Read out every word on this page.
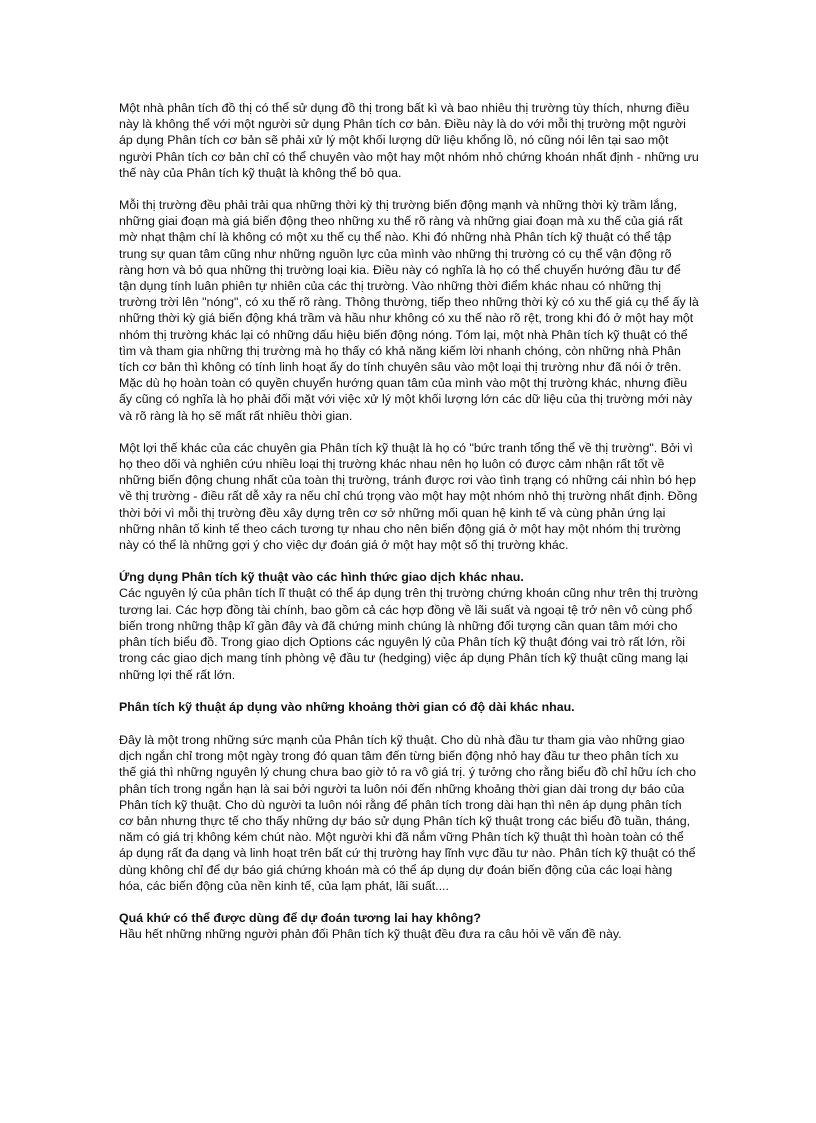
Một nhà phân tích đồ thị có thể sử dụng đồ thị trong bất kì và bao nhiêu thị trường tùy thích, nhưng điều này là không thể với một người sử dụng Phân tích cơ bản. Điều này là do với mỗi thị trường một người áp dụng Phân tích cơ bản sẽ phải xử lý một khối lượng dữ liệu khổng lồ, nó cũng nói lên tại sao một người Phân tích cơ bản chỉ có thể chuyên vào một hay một nhóm nhỏ chứng khoán nhất định - những ưu thế này của Phân tích kỹ thuật là không thể bỏ qua.

Mỗi thị trường đều phải trải qua những thời kỳ thị trường biến động mạnh và những thời kỳ trầm lắng, những giai đoạn mà giá biến động theo những xu thế rõ ràng và những giai đoạn mà xu thế của giá rất mờ nhạt thậm chí là không có một xu thế cụ thể nào. Khi đó những nhà Phân tích kỹ thuật có thể tập trung sự quan tâm cũng như những nguồn lực của mình vào những thị trường có cụ thể vận động rõ ràng hơn và bỏ qua những thị trường loại kia. Điều này có nghĩa là họ có thể chuyển hướng đầu tư để tận dụng tính luân phiên tự nhiên của các thị trường. Vào những thời điểm khác nhau có những thị trường trời lên "nóng", có xu thế rõ ràng. Thông thường, tiếp theo những thời kỳ có xu thế giá cụ thể ấy là những thời kỳ giá biến động khá trầm và hầu như không có xu thế nào rõ rệt, trong khi đó ở một hay một nhóm thị trường khác lại có những dấu hiệu biến động nóng. Tóm lại, một nhà Phân tích kỹ thuật có thể tìm và tham gia những thị trường mà họ thấy có khả năng kiếm lời nhanh chóng, còn những nhà Phân tích cơ bản thì không có tính linh hoạt ấy do tính chuyên sâu vào một loại thị trường như đã nói ở trên. Mặc dù họ hoàn toàn có quyền chuyển hướng quan tâm của mình vào một thị trường khác, nhưng điều ấy cũng có nghĩa là họ phải đối mặt với việc xử lý một khối lượng lớn các dữ liệu của thị trường mới này và rõ ràng là họ sẽ mất rất nhiều thời gian.

Một lợi thế khác của các chuyên gia Phân tích kỹ thuật là họ có "bức tranh tổng thể về thị trường". Bởi vì họ theo dõi và nghiên cứu nhiều loại thị trường khác nhau nên họ luôn có được cảm nhận rất tốt về những biến động chung nhất của toàn thị trường, tránh được rơi vào tình trạng có những cái nhìn bó hẹp về thị trường - điều rất dễ xảy ra nếu chỉ chú trọng vào một hay một nhóm nhỏ thị trường nhất định. Đồng thời bởi vì mỗi thị trường đều xây dựng trên cơ sở những mối quan hệ kinh tế và cùng phản ứng lại những nhân tố kinh tế theo cách tương tự nhau cho nên biến động giá ở một hay một nhóm thị trường này có thể là những gợi ý cho việc dự đoán giá ở một hay một số thị trường khác.

Ứng dụng Phân tích kỹ thuật vào các hình thức giao dịch khác nhau.

Các nguyên lý của phân tích lĩ thuật có thể áp dụng trên thị trường chứng khoán cũng như trên thị trường tương lai. Các hợp đồng tài chính, bao gồm cả các hợp đồng về lãi suất và ngoại tệ trở nên vô cùng phổ biến trong những thập kĩ gần đây và đã chứng minh chúng là những đối tượng cần quan tâm mới cho phân tích biểu đồ. Trong giao dịch Options các nguyên lý của Phân tích kỹ thuật đóng vai trò rất lớn, rồi trong các giao dịch mang tính phòng vệ đầu tư (hedging) việc áp dụng Phân tích kỹ thuật cũng mang lại những lợi thế rất lớn.

Phân tích kỹ thuật áp dụng vào những khoảng thời gian có độ dài khác nhau.

Đây là một trong những sức mạnh của Phân tích kỹ thuật. Cho dù nhà đầu tư tham gia vào những giao dịch ngắn chỉ trong một ngày trong đó quan tâm đến từng biến động nhỏ hay đầu tư theo phân tích xu thế giá thì những nguyên lý chung chưa bao giờ tỏ ra vô giá trị. ý tưởng cho rằng biểu đồ chỉ hữu ích cho phân tích trong ngắn hạn là sai bởi người ta luôn nói đến những khoảng thời gian dài trong dự báo của Phân tích kỹ thuật. Cho dù người ta luôn nói rằng để phân tích trong dài hạn thì nên áp dụng phân tích cơ bản nhưng thực tế cho thấy những dự báo sử dụng Phân tích kỹ thuật trong các biểu đồ tuần, tháng, năm có giá trị không kém chút nào. Một người khi đã nắm vững Phân tích kỹ thuật thì hoàn toàn có thể áp dụng rất đa dạng và linh hoạt trên bất cứ thị trường hay lĩnh vực đầu tư nào. Phân tích kỹ thuật có thể dùng không chỉ để dự báo giá chứng khoán mà có thể áp dụng dự đoán biến động của các loại hàng hóa, các biến động của nền kinh tế, của lạm phát, lãi suất....

Quá khứ có thể được dùng để dự đoán tương lai hay không?

Hầu hết những những người phản đối Phân tích kỹ thuật đều đưa ra câu hỏi về vấn đề này.
